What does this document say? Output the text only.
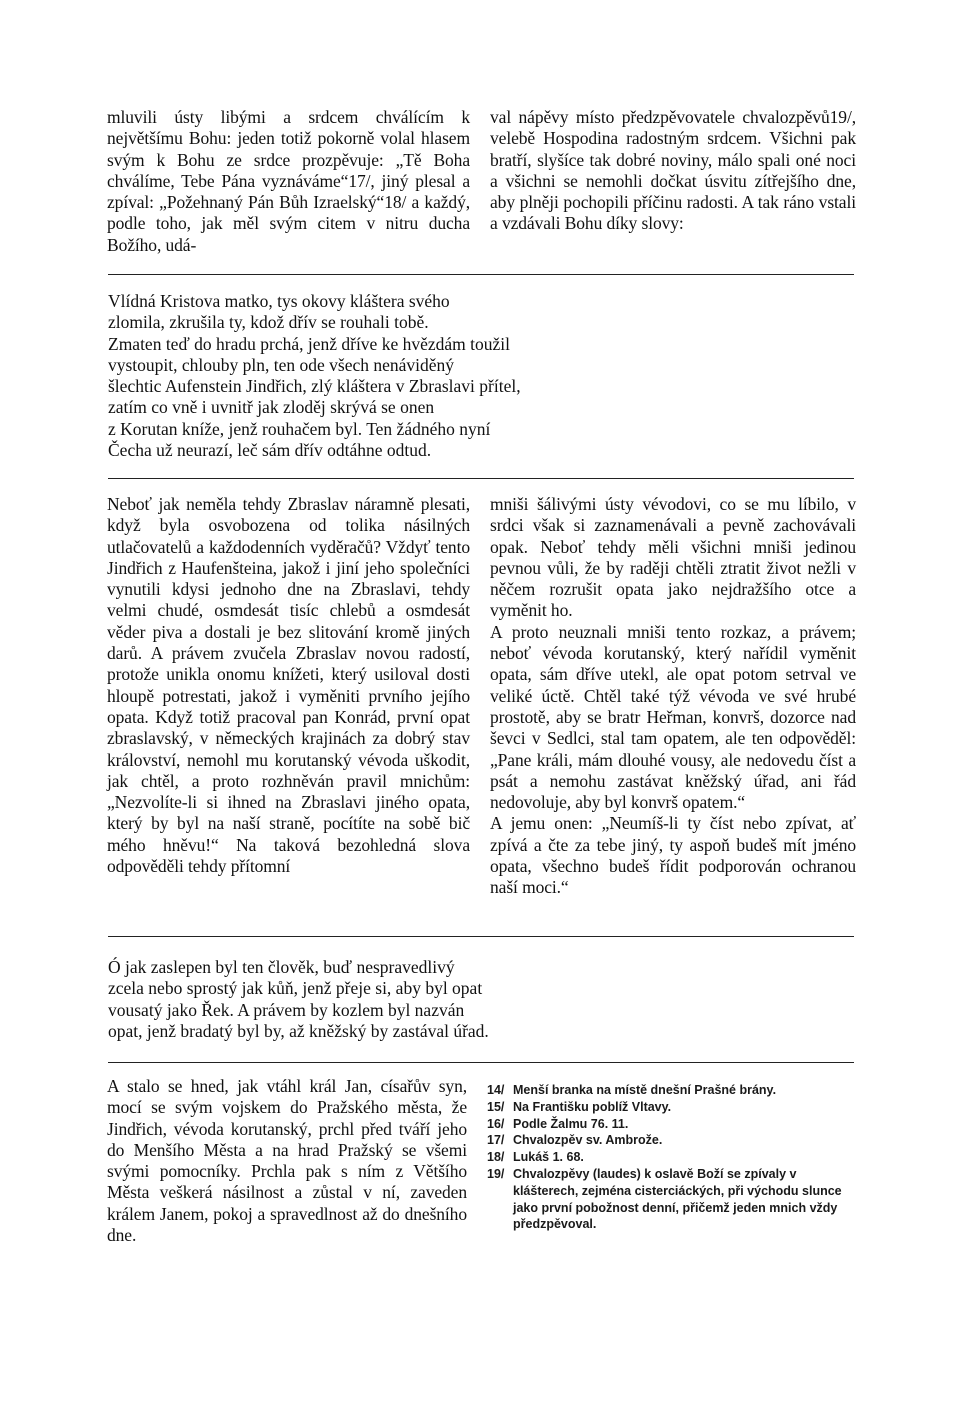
mluvili ústy libými a srdcem chválícím k největšímu Bohu: jeden totiž pokorně volal hlasem svým k Bohu ze srdce prozpěvuje: „Tě Boha chválíme, Tebe Pána vyznáváme“17/, jiný plesal a zpíval: „Požehnaný Pán Bůh Izraelský“18/ a každý, podle toho, jak měl svým citem v nitru ducha Božího, udá-

val nápěvy místo předzpěvovatele chvalozpěvů19/, velebě Hospodina radostným srdcem. Všichni pak bratří, slyšíce tak dobré noviny, málo spali oné noci a všichni se nemohli dočkat úsvitu zítřejšího dne, aby plněji pochopili příčinu radosti. A tak ráno vstali a vzdávali Bohu díky slovy:

Vlídná Kristova matko, tys okovy kláštera svého
zlomila, zkrušila ty, kdož dřív se rouhali tobě.
Zmaten teď do hradu prchá, jenž dříve ke hvězdám toužil
vystoupit, chlouby pln, ten ode všech nenáviděný
šlechtic Aufenstein Jindřich, zlý kláštera v Zbraslavi přítel,
zatím co vně i uvnitř jak zloděj skrývá se onen
z Korutan kníže, jenž rouhačem byl. Ten žádného nyní
Čecha už neurazí, leč sám dřív odtáhne odtud.

Neboť jak neměla tehdy Zbraslav náramně plesati, když byla osvobozena od tolika násilných utlačovatelů a každodenních vyděračů? Vždyť tento Jindřich z Haufenšteina, jakož i jiní jeho společníci vynutili kdysi jednoho dne na Zbraslavi, tehdy velmi chudé, osmdesát tisíc chlebů a osmdesát věder piva a dostali je bez slitování kromě jiných darů. A právem zvučela Zbraslav novou radostí, protože unikla onomu knížeti, který usiloval dosti hloupě potrestati, jakož i vyměniti prvního jejího opata. Když totiž pracoval pan Konrád, první opat zbraslavský, v německých krajinách za dobrý stav království, nemohl mu korutanský vévoda uškodit, jak chtěl, a proto rozhněván pravil mnichům: „Nezvolíte-li si ihned na Zbraslavi jiného opata, který by byl na naší straně, pocítíte na sobě bič mého hněvu!“ Na taková bezohledná slova odpověděli tehdy přítomní

mniši šálivými ústy vévodovi, co se mu líbilo, v srdci však si zaznamenávali a pevně zachovávali opak. Neboť tehdy měli všichni mniši jedinou pevnou vůli, že by raději chtěli ztratit život nežli v něčem rozrušit opata jako nejdražšího otce a vyměnit ho.

A proto neuznali mniši tento rozkaz, a právem; neboť vévoda korutanský, který nařídil vyměnit opata, sám dříve utekl, ale opat potom setrval ve veliké úctě. Chtěl také týž vévoda ve své hrubé prostotě, aby se bratr Heřman, konvrš, dozorce nad ševci v Sedlci, stal tam opatem, ale ten odpověděl: „Pane králi, mám dlouhé vousy, ale nedovedu číst a psát a nemohu zastávat kněžský úřad, ani řád nedovoluje, aby byl konvrš opatem.“

A jemu onen: „Neumíš-li ty číst nebo zpívat, ať zpívá a čte za tebe jiný, ty aspoň budeš mít jméno opata, všechno budeš řídit podporován ochranou naší moci.“

Ó jak zaslepen byl ten člověk, buď nespravedlivý
zcela nebo sprostý jak kůň, jenž přeje si, aby byl opat
vousatý jako Řek. A právem by kozlem byl nazván
opat, jenž bradatý byl by, až kněžský by zastával úřad.

A stalo se hned, jak vtáhl král Jan, císařův syn, mocí se svým vojskem do Pražského města, že Jindřich, vévoda korutanský, prchl před tváří jeho do Menšího Města a na hrad Pražský se všemi svými pomocníky. Prchla pak s ním z Většího Města veškerá násilnost a zůstal v ní, zaveden králem Janem, pokoj a spravedlnost až do dnešního dne.

14/ Menší branka na místě dnešní Prašné brány.
15/ Na Františku poblíž Vltavy.
16/ Podle Žalmu 76. 11.
17/ Chvalozpěv sv. Ambrože.
18/ Lukáš 1. 68.
19/ Chvalozpěvy (laudes) k oslavě Boží se zpívaly v klášterech, zejména cisterciáckých, při východu slunce jako první pobožnost denní, přičemž jeden mnich vždy předzpěvoval.
